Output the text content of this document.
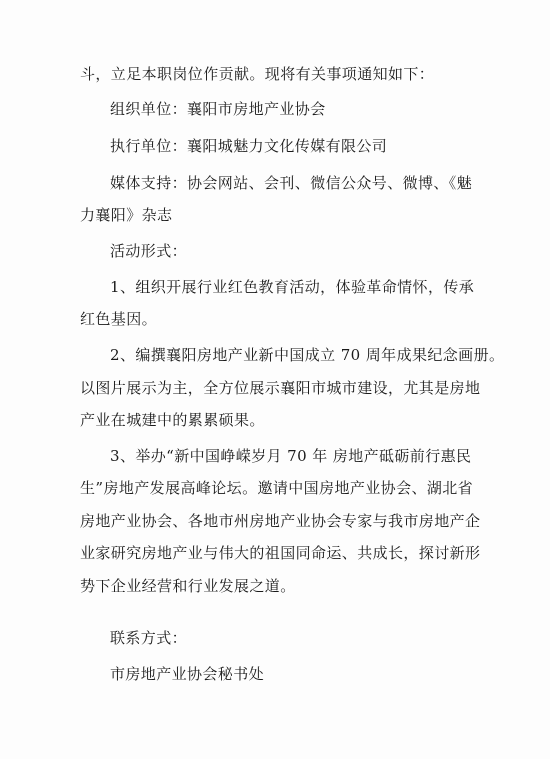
斗，立足本职岗位作贡献。现将有关事项通知如下：
组织单位：襄阳市房地产业协会
执行单位：襄阳城魅力文化传媒有限公司
媒体支持：协会网站、会刊、微信公众号、微博、《魅
力襄阳》杂志
活动形式：
1、组织开展行业红色教育活动，体验革命情怀，传承
红色基因。
2、编撰襄阳房地产业新中国成立 70 周年成果纪念画册。
以图片展示为主，全方位展示襄阳市城市建设，尤其是房地
产业在城建中的累累硕果。
3、举办“新中国峥嵘岁月 70 年 房地产砥砺前行惠民
生”房地产发展高峰论坛。邀请中国房地产业协会、湖北省
房地产业协会、各地市州房地产业协会专家与我市房地产企
业家研究房地产业与伟大的祖国同命运、共成长，探讨新形
势下企业经营和行业发展之道。
联系方式：
市房地产业协会秘书处
